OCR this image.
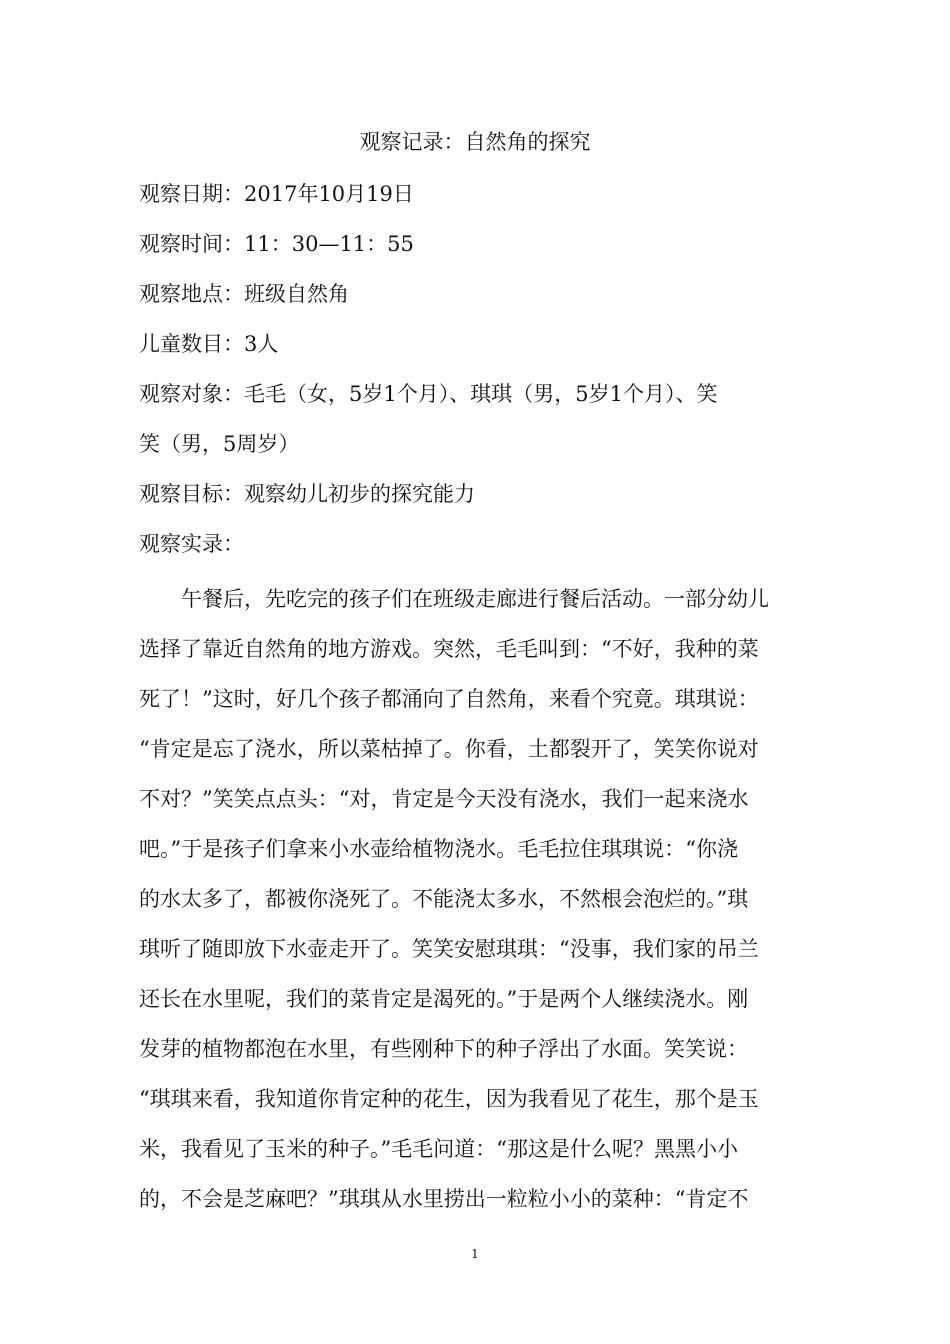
观察记录：自然角的探究
观察日期：2017年10月19日
观察时间：11：30—11：55
观察地点：班级自然角
儿童数目：3人
观察对象：毛毛（女，5岁1个月）、琪琪（男，5岁1个月）、笑
笑（男，5周岁）
观察目标：观察幼儿初步的探究能力
观察实录：
午餐后，先吃完的孩子们在班级走廊进行餐后活动。一部分幼儿
选择了靠近自然角的地方游戏。突然，毛毛叫到：“不好，我种的菜
死了！”这时，好几个孩子都涌向了自然角，来看个究竟。琪琪说：
“肯定是忘了浇水，所以菜枯掉了。你看，土都裂开了，笑笑你说对
不对？”笑笑点点头：“对，肯定是今天没有浇水，我们一起来浇水
吧。”于是孩子们拿来小水壶给植物浇水。毛毛拉住琪琪说：“你浇
的水太多了，都被你浇死了。不能浇太多水，不然根会泡烂的。”琪
琪听了随即放下水壶走开了。笑笑安慰琪琪：“没事，我们家的吊兰
还长在水里呢，我们的菜肯定是渴死的。”于是两个人继续浇水。刚
发芽的植物都泡在水里，有些刚种下的种子浮出了水面。笑笑说：
“琪琪来看，我知道你肯定种的花生，因为我看见了花生，那个是玉
米，我看见了玉米的种子。”毛毛问道：“那这是什么呢？黑黑小小
的，不会是芝麻吧？”琪琪从水里捞出一粒粒小小的菜种：“肯定不
1
